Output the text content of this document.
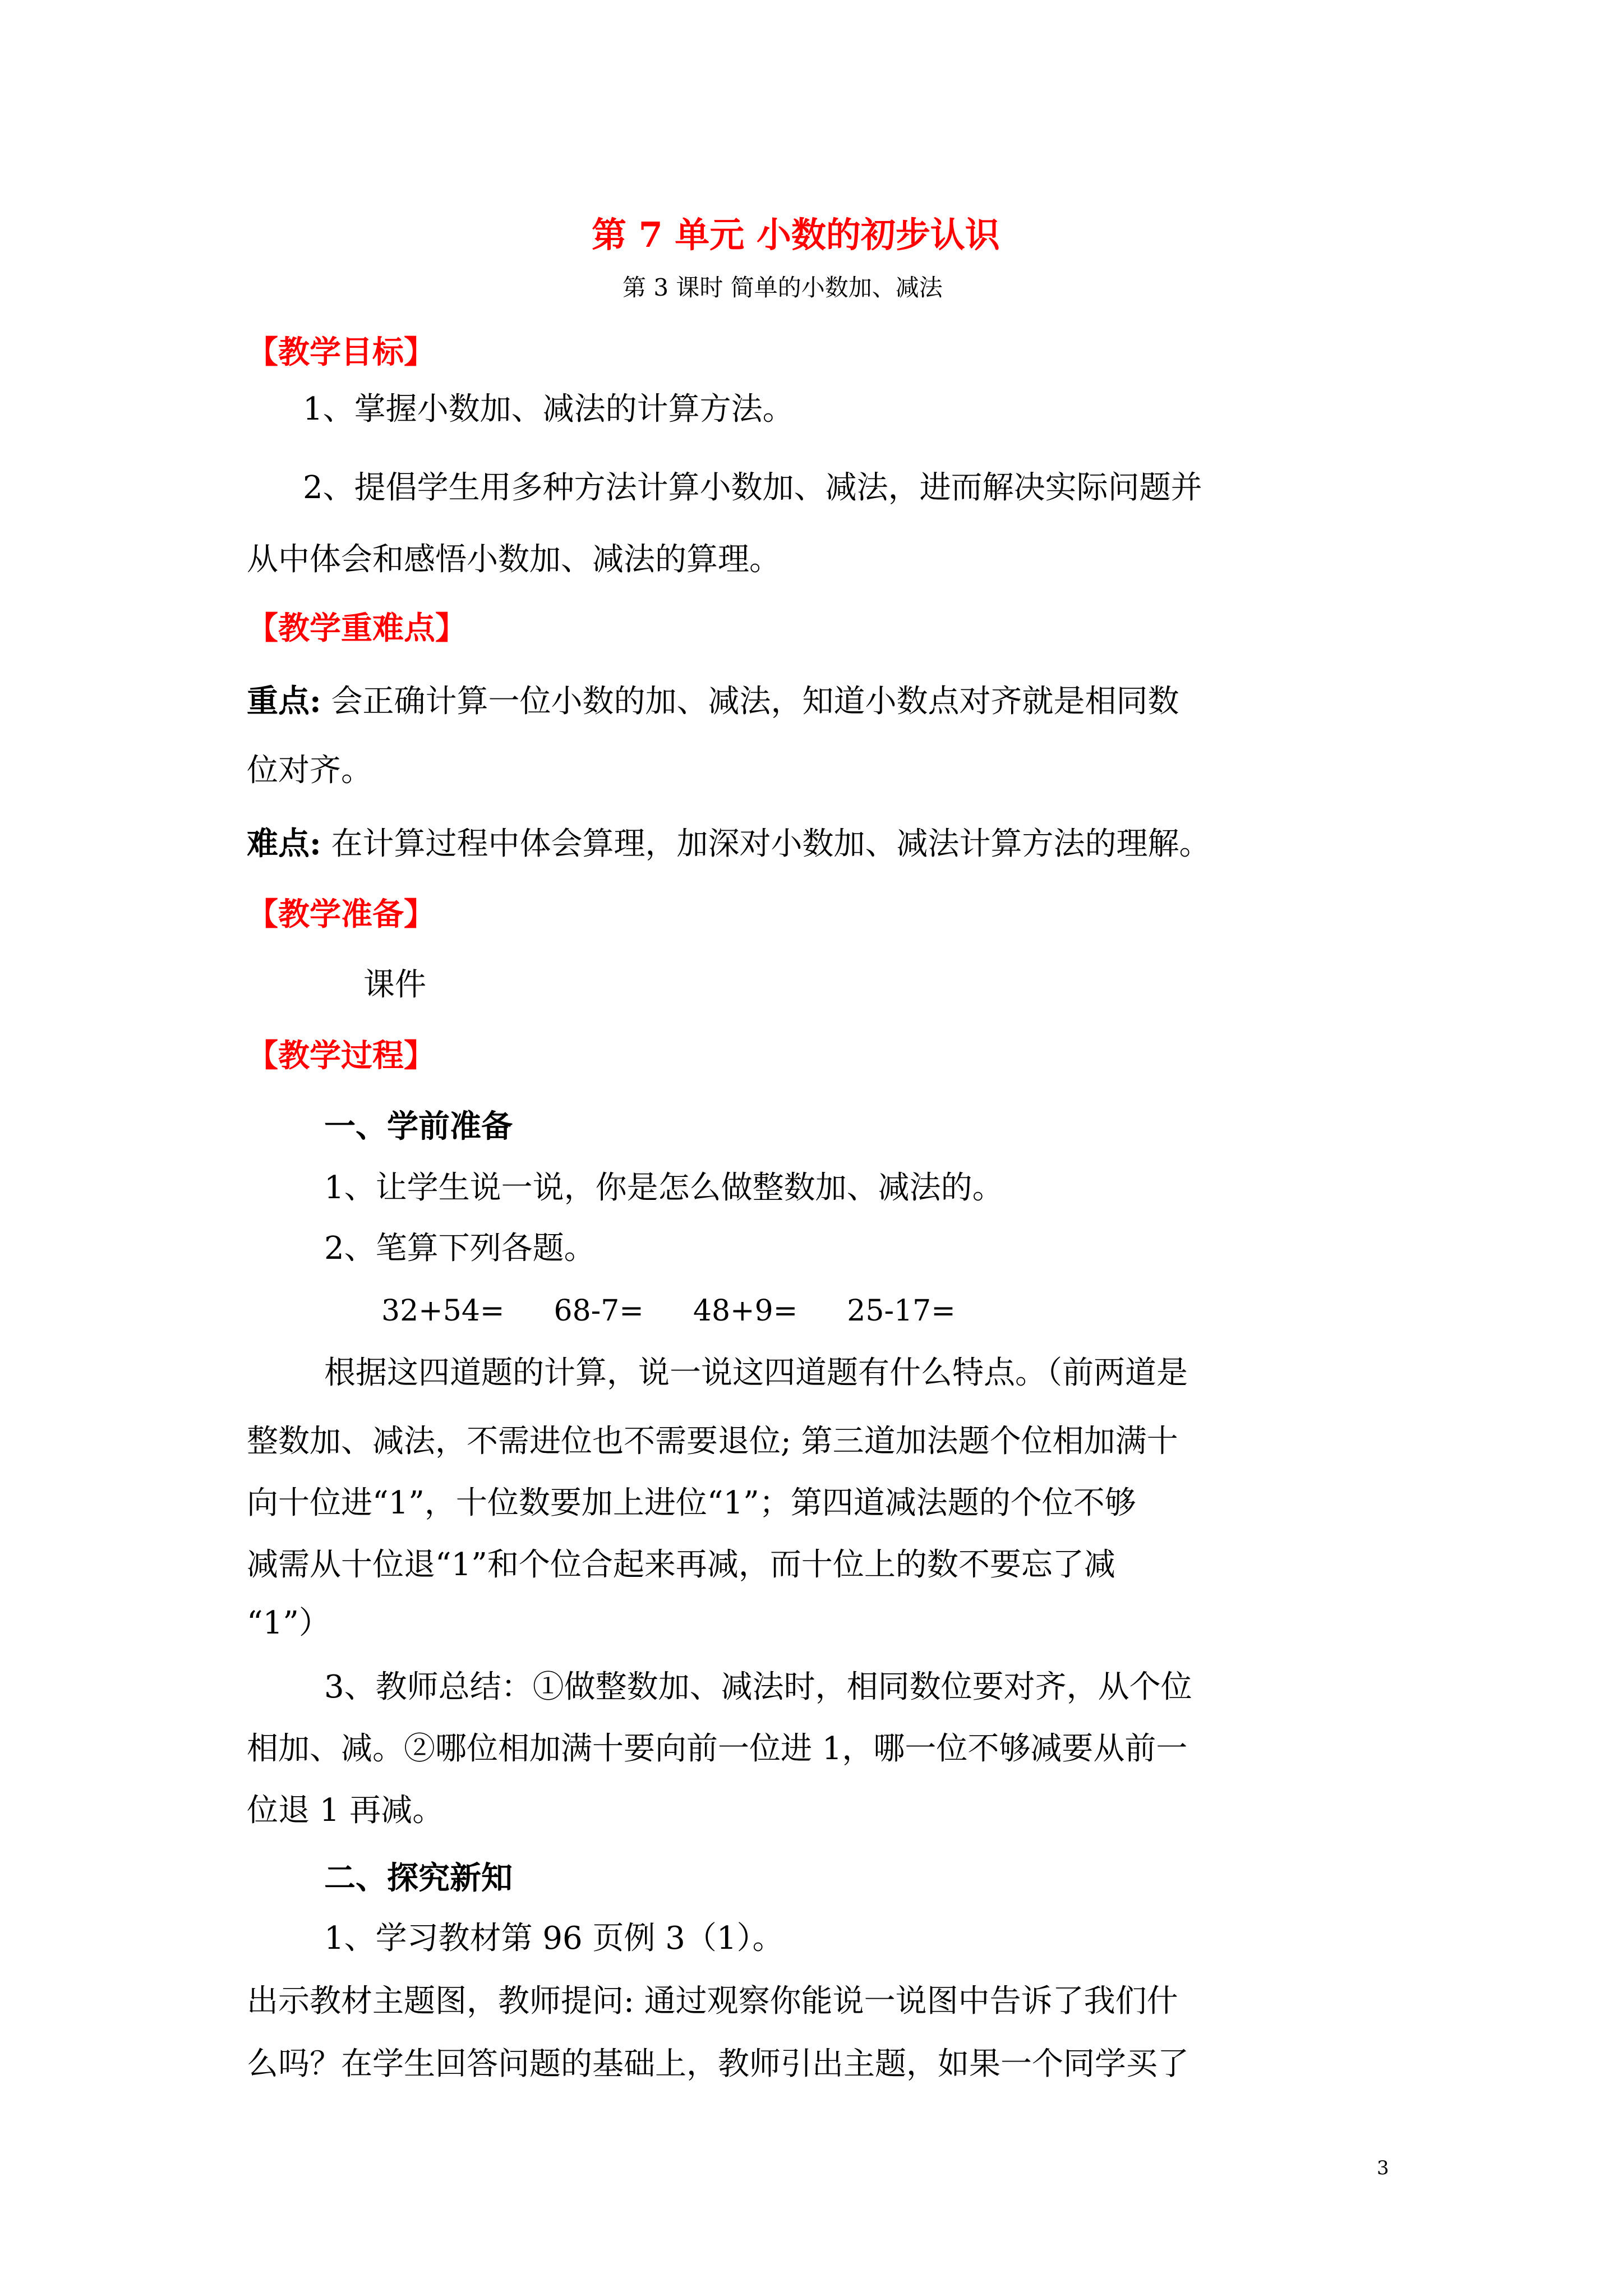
第 7 单元 小数的初步认识
第 3 课时 简单的小数加、减法
【教学目标】
1、掌握小数加、减法的计算方法。
2、提倡学生用多种方法计算小数加、减法，进而解决实际问题并
从中体会和感悟小数加、减法的算理。
【教学重难点】
重点: 会正确计算一位小数的加、减法，知道小数点对齐就是相同数
位对齐。
难点: 在计算过程中体会算理，加深对小数加、减法计算方法的理解。
【教学准备】
课件
【教学过程】
一、学前准备
1、让学生说一说，你是怎么做整数加、减法的。
2、笔算下列各题。
32+54= 68-7= 48+9= 25-17=
根据这四道题的计算，说一说这四道题有什么特点。（前两道是
整数加、减法，不需进位也不需要退位; 第三道加法题个位相加满十
向十位进“1”，十位数要加上进位“1”；第四道减法题的个位不够
减需从十位退“1”和个位合起来再减，而十位上的数不要忘了减
“1”）
3、教师总结：①做整数加、减法时，相同数位要对齐，从个位
相加、减。②哪位相加满十要向前一位进 1，哪一位不够减要从前一
位退 1 再减。
二、探究新知
1、学习教材第 96 页例 3（1）。
出示教材主题图，教师提问: 通过观察你能说一说图中告诉了我们什
么吗？在学生回答问题的基础上，教师引出主题，如果一个同学买了
3
